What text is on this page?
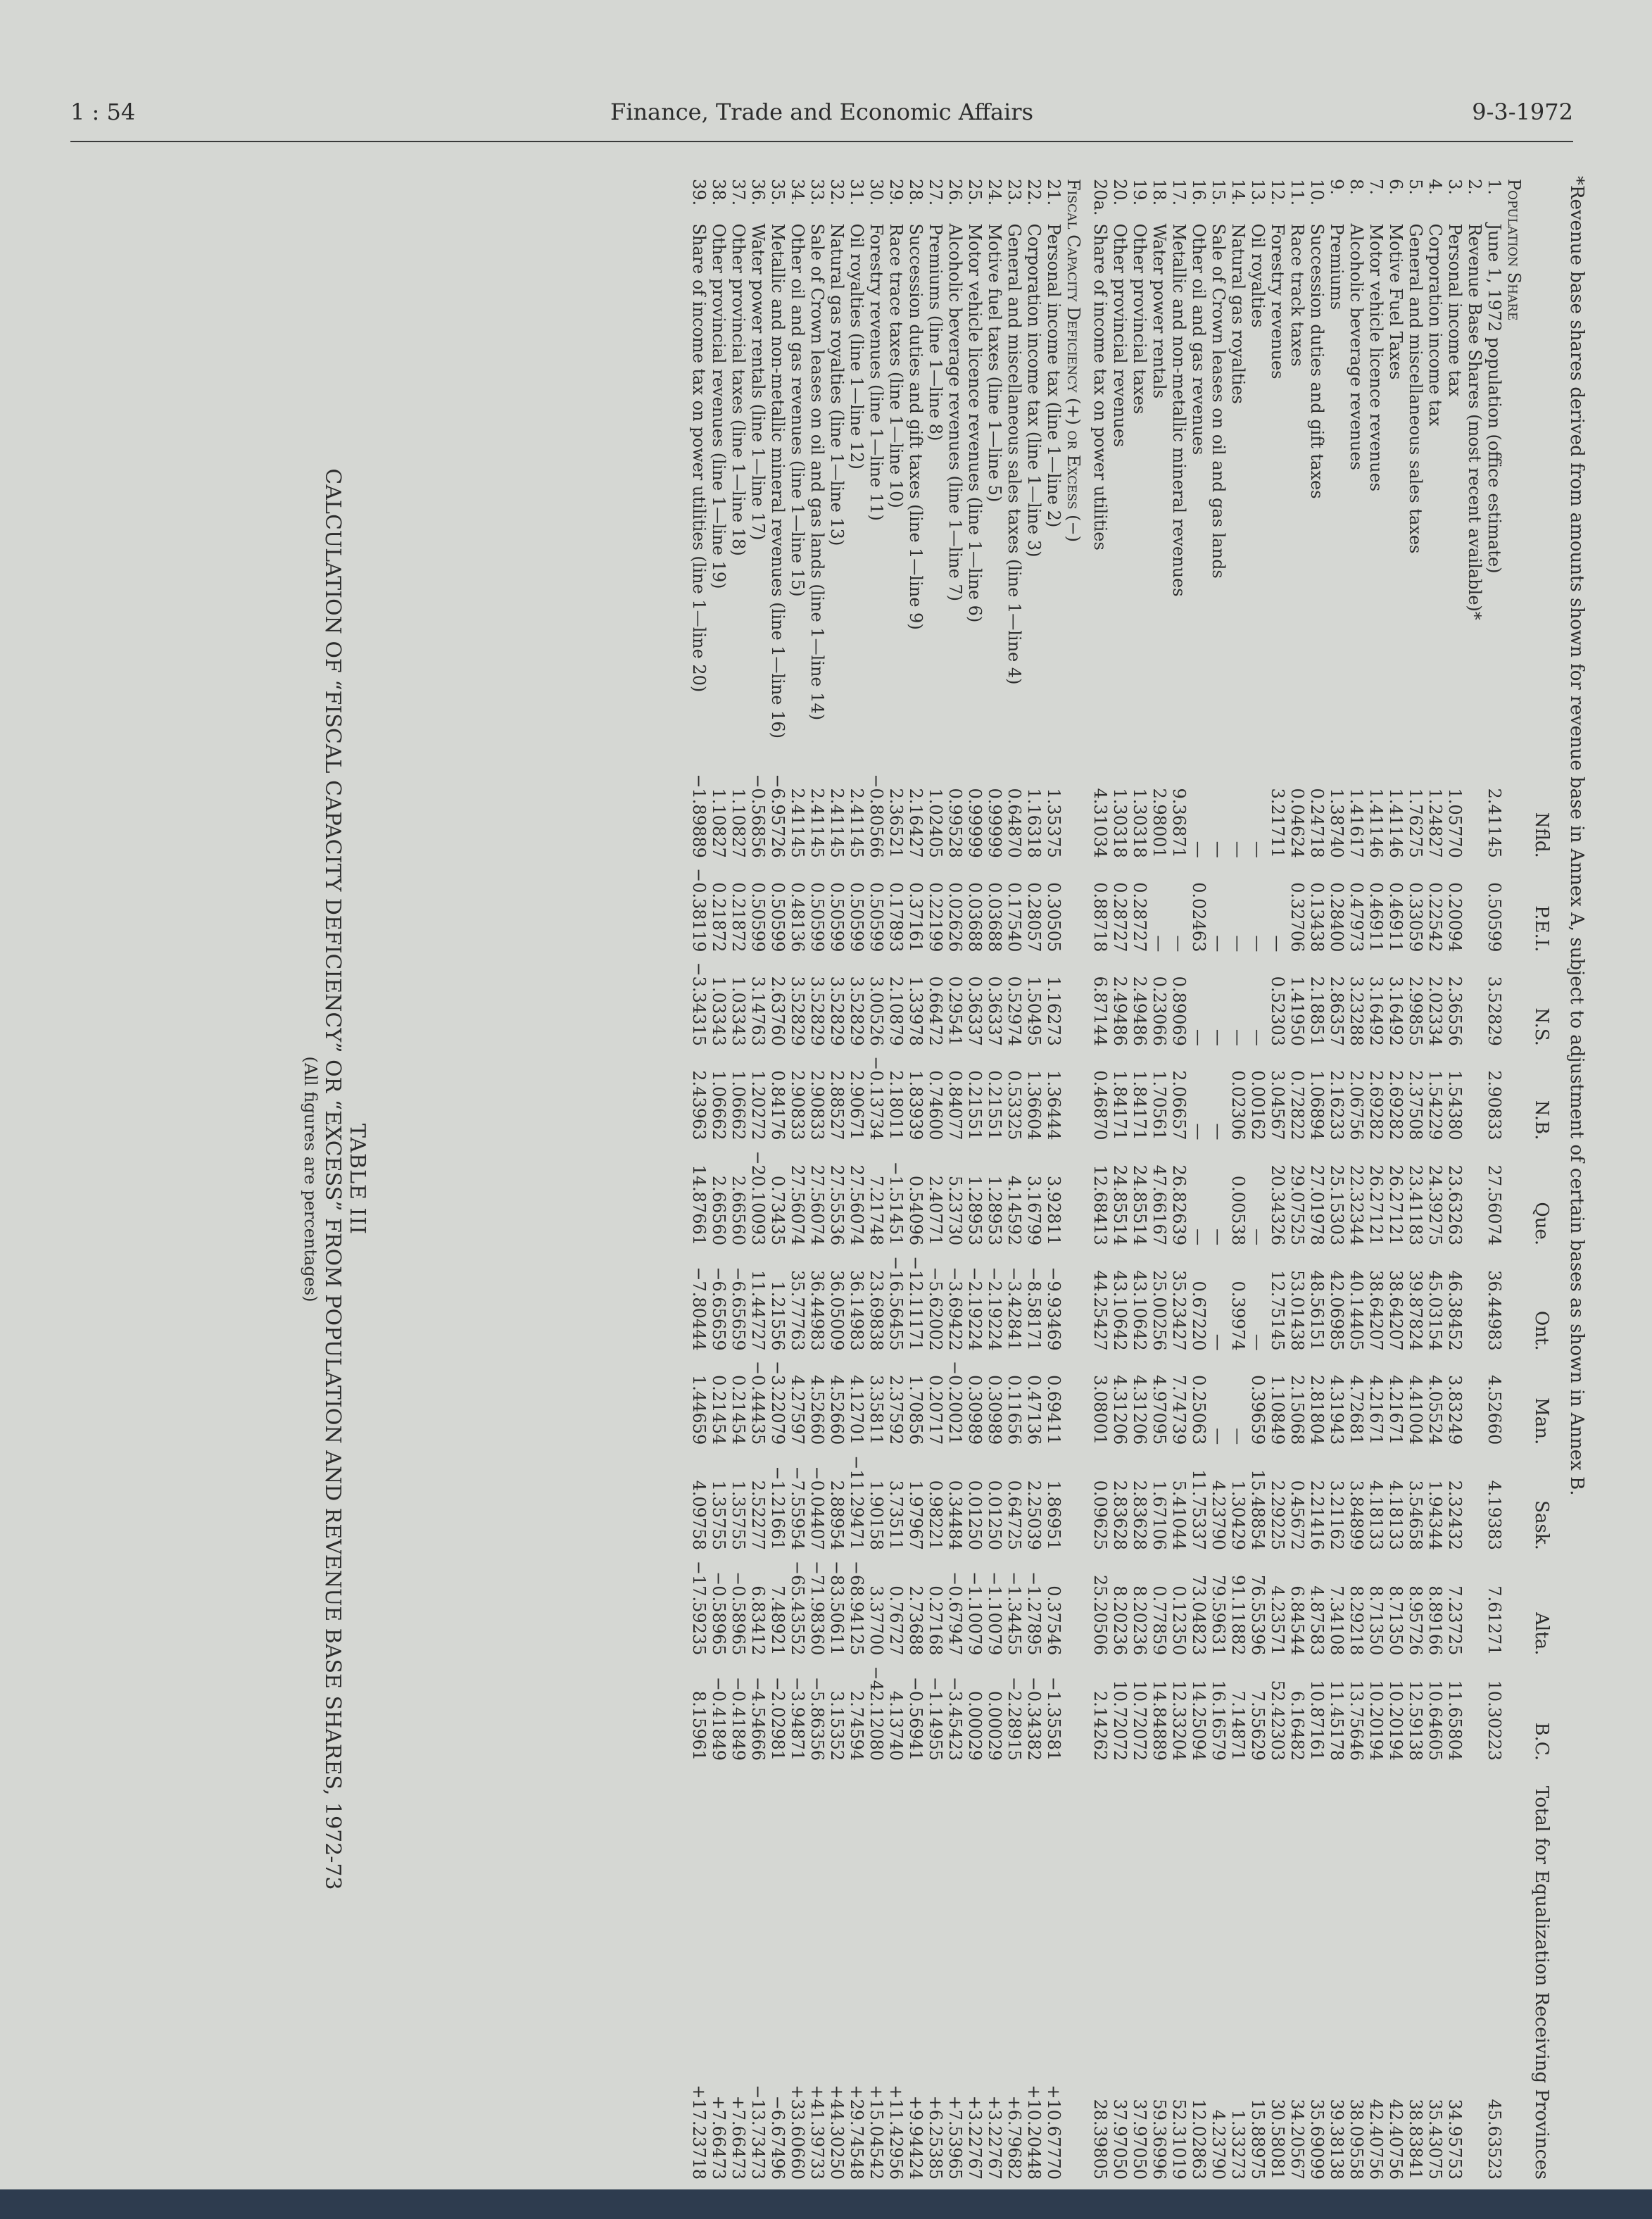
1 : 54	Finance, Trade and Economic Affairs	9-3-1972
TABLE III
CALCULATION OF “FISCAL CAPACITY DEFICIENCY” OR “EXCESS” FROM POPULATION AND REVENUE BASE SHARES, 1972-73
(All figures are percentages)
		Nfld.	P.E.I.	N.S.	N.B.	Que.	Ont.	Man.	Sask.	Alta.	B.C.	Total for Equalization Receiving Provinces
Population Share												
1.	June 1, 1972 population (office estimate)	2.41145	0.50599	3.52829	2.90833	27.56074	36.44983	4.52660	4.19383	7.61271	10.30223	45.63523
2.	Revenue Base Shares (most recent available)*											
3.	Personal income tax	1.05770	0.20094	2.36556	1.54380	23.63263	46.38452	3.83249	2.32432	7.23725	11.65804	34.95753
4.	Corporation income tax	1.24827	0.22542	2.02334	1.54229	24.39275	45.03154	4.05524	1.94344	8.89166	10.64605	35.43075
5.	General and miscellaneous sales taxes	1.76275	0.33059	2.99855	2.37508	23.41183	39.87824	4.41004	3.54658	8.95726	12.59138	38.83841
6.	Motive Fuel Taxes	1.41146	0.46911	3.16492	2.69282	26.27121	38.64207	4.21671	4.18133	8.71350	10.20194	42.40756
7.	Motor vehicle licence revenues	1.41146	0.46911	3.16492	2.69282	26.27121	38.64207	4.21671	4.18133	8.71350	10.20194	42.40756
8.	Alcoholic beverage revenues	1.41617	0.47973	3.23288	2.06756	22.32344	40.14405	4.72681	3.84899	8.29218	13.75646	38.09558
9.	Premiums	1.38740	0.28400	2.86357	2.16233	25.15303	42.06985	4.31943	3.21162	7.34108	11.45178	39.38138
10.	Succession duties and gift taxes	0.24718	0.13438	2.18851	1.06894	27.01978	48.56151	2.81804	2.21416	4.87583	10.87161	35.69099
11.	Race track taxes	0.04624	0.32706	1.41950	0.72822	29.07525	53.01438	2.15068	0.45672	6.84544	6.16482	34.20567
12.	Forestry revenues	3.21711	—	0.52303	3.04567	20.34326	12.75145	1.10849	2.29225	4.23571	52.42303	30.58081
13.	Oil royalties	—	—	—	0.00162	—	—	0.39659	15.48854	76.55396	7.55629	15.88975
14.	Natural gas royalties	—	—	—	0.02306	0.00538	0.39974	—	1.30429	91.11882	7.14871	1.33273
15.	Sale of Crown leases on oil and gas lands	—	—	—	—	—	—	—	4.23790	79.59631	16.16579	4.23790
16.	Other oil and gas revenues	—	0.02463	—	—	—	0.67220	0.25063	11.75337	73.04823	14.25094	12.02863
17.	Metallic and non-metallic mineral revenues	9.36871	—	0.89069	2.06657	26.82639	35.23427	7.74739	5.41044	0.12350	12.33204	52.31019
18.	Water power rentals	2.98001	—	0.23066	1.70561	47.66167	25.00256	4.97095	1.67106	0.77859	14.84889	59.36996
19.	Other provincial taxes	1.30318	0.28727	2.49486	1.84171	24.85514	43.10642	4.31206	2.83628	8.20236	10.72072	37.97050
20.	Other provincial revenues	1.30318	0.28727	2.49486	1.84171	24.85514	43.10642	4.31206	2.83628	8.20236	10.72072	37.97050
20a.	Share of income tax on power utilities	4.31034	0.88718	6.87144	0.46870	12.68413	44.25427	3.08001	0.09625	25.20506	2.14262	28.39805
Fiscal Capacity Deficiency (+) or Excess (−)												
21.	Personal income tax (line 1—line 2)	1.35375	0.30505	1.16273	1.36444	3.92811	−9.93469	0.69411	1.86951	0.37546	−1.35581	+10.67770
22.	Corporation income tax (line 1—line 3)	1.16318	0.28057	1.50495	1.36604	3.16799	−8.58171	0.47136	2.25039	−1.27895	−0.34382	+10.20448
23.	General and miscellaneous sales taxes (line 1—line 4)	0.64870	0.17540	0.52974	0.53325	4.14592	−3.42841	0.11656	0.64725	−1.34455	−2.28915	+6.79682
24.	Motive fuel taxes (line 1—line 5)	0.99999	0.03688	0.36337	0.21551	1.28953	−2.19224	0.30989	0.01250	−1.10079	0.00029	+3.22767
25.	Motor vehicle licence revenues (line 1—line 6)	0.99999	0.03688	0.36337	0.21551	1.28953	−2.19224	0.30989	0.01250	−1.10079	0.00029	+3.22767
26.	Alcoholic beverage revenues (line 1—line 7)	0.99528	0.02626	0.29541	0.84077	5.23730	−3.69422	−0.20021	0.34484	−0.67947	−3.45423	+7.53965
27.	Premiums (line 1—line 8)	1.02405	0.22199	0.66472	0.74600	2.40771	−5.62002	0.20717	0.98221	0.27168	−1.14955	+6.25385
28.	Succession duties and gift taxes (line 1—line 9)	2.16427	0.37161	1.33978	1.83939	0.54096	−12.11171	1.70856	1.97967	2.73688	−0.56941	+9.94424
29.	Race trace taxes (line 1—line 10)	2.36521	0.17893	2.10879	2.18011	−1.51451	−16.56455	2.37592	3.73511	0.76727	4.13740	+11.42956
30.	Forestry revenues (line 1—line 11)	−0.80566	0.50599	3.00526	−0.13734	7.21748	23.69838	3.35811	1.90158	3.37700	−42.12080	+15.04542
31.	Oil royalties (line 1—line 12)	2.41145	0.50599	3.52829	2.90671	27.56074	36.14983	4.12701	−11.29471	−68.94125	2.74594	+29.74548
32.	Natural gas royalties (line 1—line 13)	2.41145	0.50599	3.52829	2.88527	27.55536	36.05009	4.52660	2.88954	−83.50611	3.15352	+44.30250
33.	Sale of Crown leases on oil and gas lands (line 1—line 14)	2.41145	0.50599	3.52829	2.90833	27.56074	36.44983	4.52660	−0.04407	−71.98360	−5.86356	+41.39733
34.	Other oil and gas revenues (line 1—line 15)	2.41145	0.48136	3.52829	2.90833	27.56074	35.77763	4.27597	−7.55954	−65.43552	−3.94871	+33.60660
35.	Metallic and non-metallic mineral revenues (line 1—line 16)	−6.95726	0.50599	2.63760	0.84176	0.73435	1.21556	−3.22079	−1.21661	7.48921	−2.02981	−6.67496
36.	Water power rentals (line 1—line 17)	−0.56856	0.50599	3.14763	1.20272	−20.10093	11.44727	−0.44435	2.52277	6.83412	−4.54666	−13.73473
37.	Other provincial taxes (line 1—line 18)	1.10827	0.21872	1.03343	1.06662	2.66560	−6.65659	0.21454	1.35755	−0.58965	−0.41849	+7.66473
38.	Other provincial revenues (line 1—line 19)	1.10827	0.21872	1.03343	1.06662	2.66560	−6.65659	0.21454	1.35755	−0.58965	−0.41849	+7.66473
39.	Share of income tax on power utilities (line 1—line 20)	−1.89889	−0.38119	−3.34315	2.43963	14.87661	−7.80444	1.44659	4.09758	−17.59235	8.15961	+17.23718
*Revenue base shares derived from amounts shown for revenue base in Annex A, subject to adjustment of certain bases as shown in Annex B.
